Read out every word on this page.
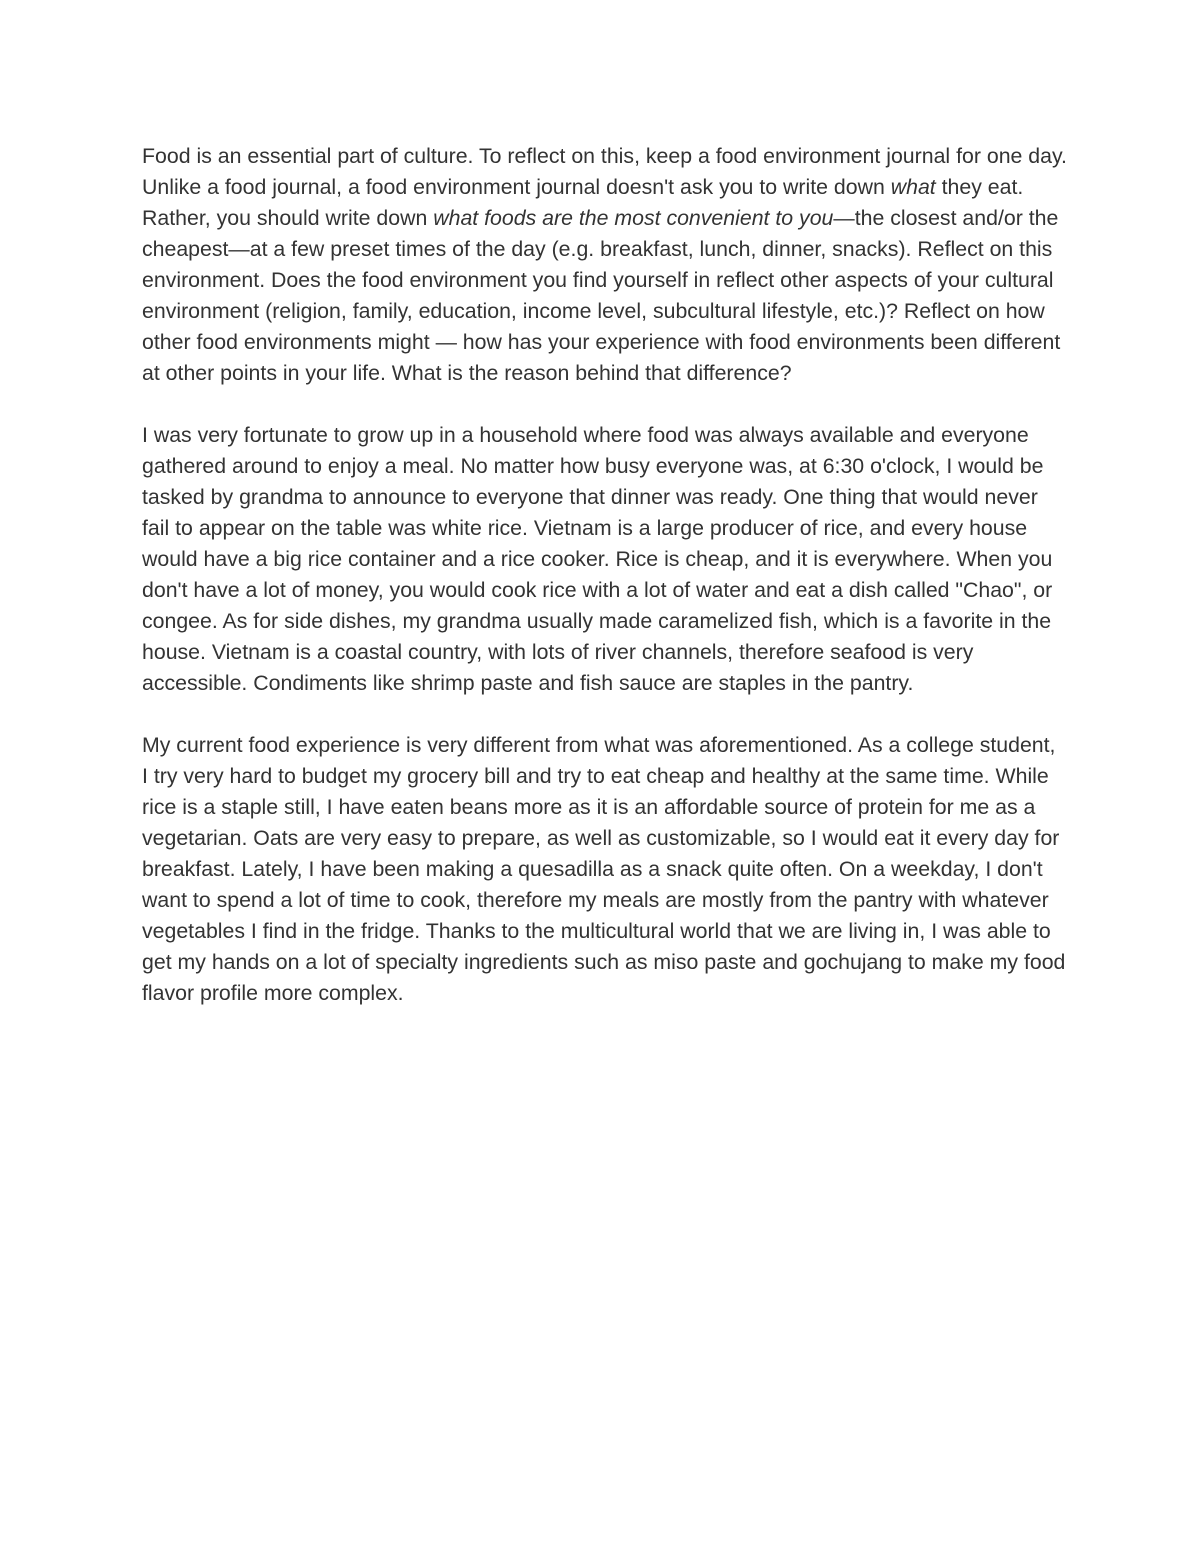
Food is an essential part of culture. To reflect on this, keep a food environment journal for one day. Unlike a food journal, a food environment journal doesn't ask you to write down what they eat. Rather, you should write down what foods are the most convenient to you—the closest and/or the cheapest—at a few preset times of the day (e.g. breakfast, lunch, dinner, snacks). Reflect on this environment. Does the food environment you find yourself in reflect other aspects of your cultural environment (religion, family, education, income level, subcultural lifestyle, etc.)? Reflect on how other food environments might — how has your experience with food environments been different at other points in your life. What is the reason behind that difference?

I was very fortunate to grow up in a household where food was always available and everyone gathered around to enjoy a meal. No matter how busy everyone was, at 6:30 o'clock, I would be tasked by grandma to announce to everyone that dinner was ready. One thing that would never fail to appear on the table was white rice. Vietnam is a large producer of rice, and every house would have a big rice container and a rice cooker. Rice is cheap, and it is everywhere. When you don't have a lot of money, you would cook rice with a lot of water and eat a dish called "Chao", or congee. As for side dishes, my grandma usually made caramelized fish, which is a favorite in the house. Vietnam is a coastal country, with lots of river channels, therefore seafood is very accessible. Condiments like shrimp paste and fish sauce are staples in the pantry.

My current food experience is very different from what was aforementioned. As a college student, I try very hard to budget my grocery bill and try to eat cheap and healthy at the same time. While rice is a staple still, I have eaten beans more as it is an affordable source of protein for me as a vegetarian. Oats are very easy to prepare, as well as customizable, so I would eat it every day for breakfast. Lately, I have been making a quesadilla as a snack quite often. On a weekday, I don't want to spend a lot of time to cook, therefore my meals are mostly from the pantry with whatever vegetables I find in the fridge. Thanks to the multicultural world that we are living in, I was able to get my hands on a lot of specialty ingredients such as miso paste and gochujang to make my food flavor profile more complex.
